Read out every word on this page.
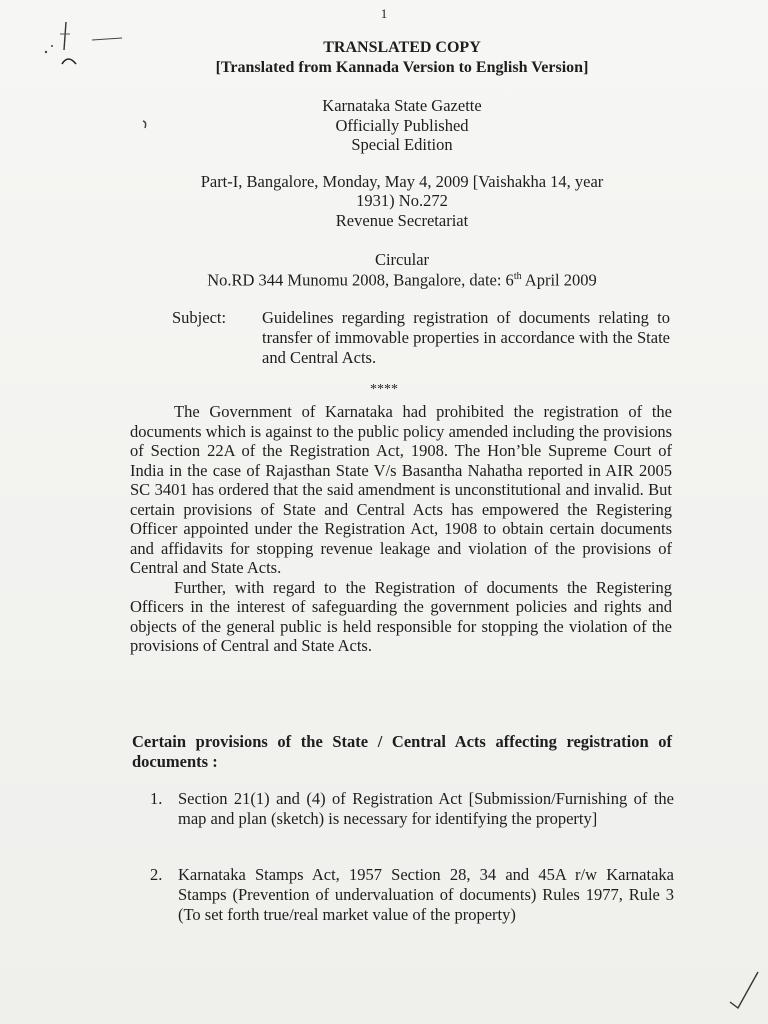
1
TRANSLATED COPY
[Translated from Kannada Version to English Version]
Karnataka State Gazette
Officially Published
Special Edition
Part-I, Bangalore, Monday, May 4, 2009 [Vaishakha 14, year
1931) No.272
Revenue Secretariat
Circular
No.RD 344 Munomu 2008, Bangalore, date: 6th April 2009
Subject: Guidelines regarding registration of documents relating to transfer of immovable properties in accordance with the State and Central Acts.
****

The Government of Karnataka had prohibited the registration of the documents which is against to the public policy amended including the provisions of Section 22A of the Registration Act, 1908. The Hon’ble Supreme Court of India in the case of Rajasthan State V/s Basantha Nahatha reported in AIR 2005 SC 3401 has ordered that the said amendment is unconstitutional and invalid. But certain provisions of State and Central Acts has empowered the Registering Officer appointed under the Registration Act, 1908 to obtain certain documents and affidavits for stopping revenue leakage and violation of the provisions of Central and State Acts.

Further, with regard to the Registration of documents the Registering Officers in the interest of safeguarding the government policies and rights and objects of the general public is held responsible for stopping the violation of the provisions of Central and State Acts.

Certain provisions of the State / Central Acts affecting registration of documents :
1. Section 21(1) and (4) of Registration Act [Submission/Furnishing of the map and plan (sketch) is necessary for identifying the property]
2. Karnataka Stamps Act, 1957 Section 28, 34 and 45A r/w Karnataka Stamps (Prevention of undervaluation of documents) Rules 1977, Rule 3 (To set forth true/real market value of the property)
